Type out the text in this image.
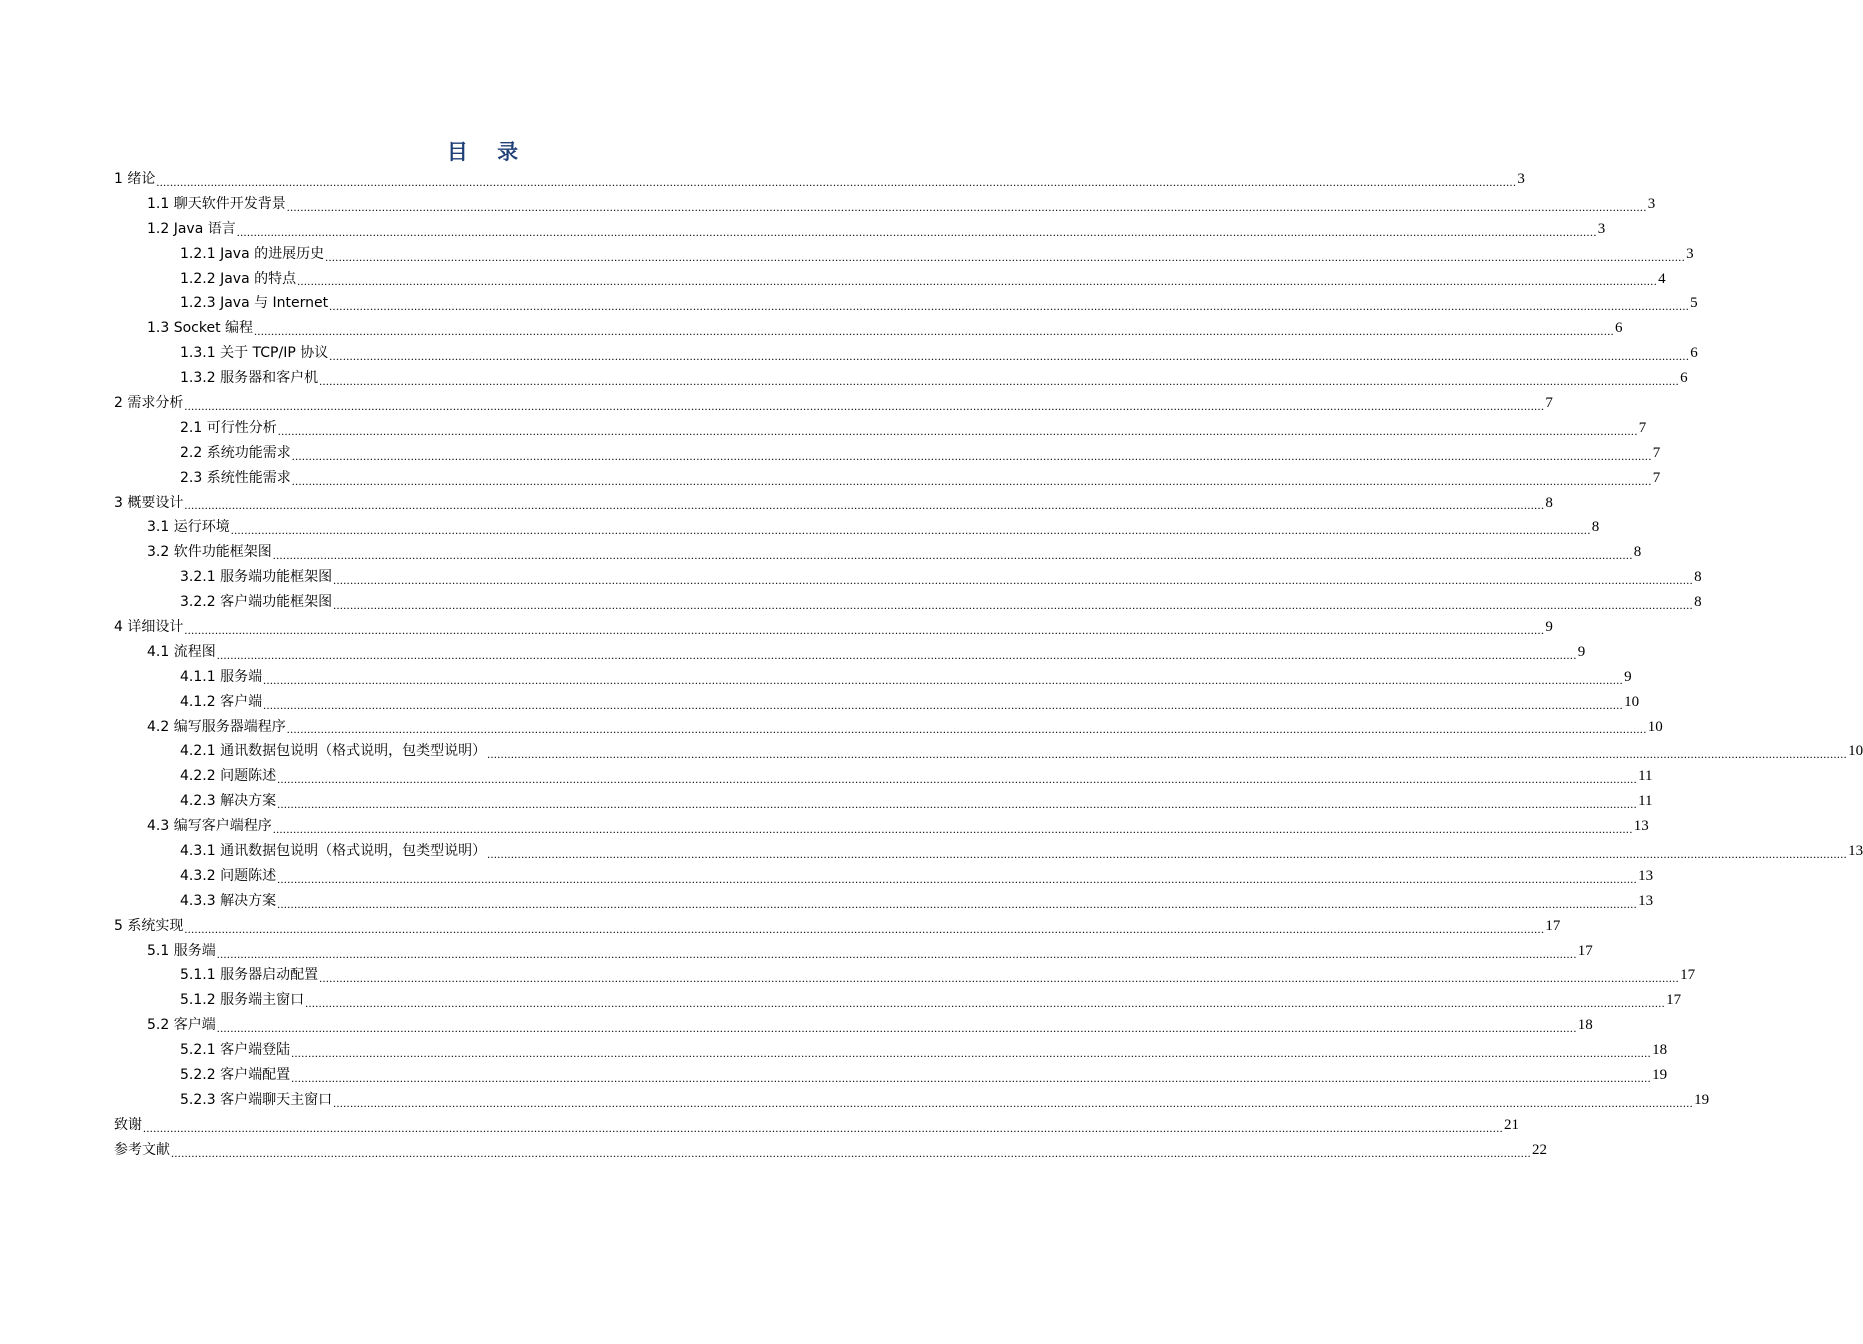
目 录
1 绪论 ................................................................................................................................................................................................................................................................................................................................................................................................................ 3
1.1 聊天软件开发背景 ................................................................................................................................................................................................................................................................................................................................................................................................................ 3
1.2 Java 语言 ................................................................................................................................................................................................................................................................................................................................................................................................................ 3
1.2.1 Java 的进展历史 ................................................................................................................................................................................................................................................................................................................................................................................................................ 3
1.2.2 Java 的特点 ................................................................................................................................................................................................................................................................................................................................................................................................................ 4
1.2.3 Java 与 Internet ................................................................................................................................................................................................................................................................................................................................................................................................................ 5
1.3 Socket 编程 ................................................................................................................................................................................................................................................................................................................................................................................................................ 6
1.3.1 关于 TCP/IP 协议 ................................................................................................................................................................................................................................................................................................................................................................................................................ 6
1.3.2 服务器和客户机 ................................................................................................................................................................................................................................................................................................................................................................................................................ 6
2 需求分析 ................................................................................................................................................................................................................................................................................................................................................................................................................ 7
2.1 可行性分析 ................................................................................................................................................................................................................................................................................................................................................................................................................ 7
2.2 系统功能需求 ................................................................................................................................................................................................................................................................................................................................................................................................................ 7
2.3 系统性能需求 ................................................................................................................................................................................................................................................................................................................................................................................................................ 7
3 概要设计 ................................................................................................................................................................................................................................................................................................................................................................................................................ 8
3.1 运行环境 ................................................................................................................................................................................................................................................................................................................................................................................................................ 8
3.2 软件功能框架图 ................................................................................................................................................................................................................................................................................................................................................................................................................ 8
3.2.1 服务端功能框架图 ................................................................................................................................................................................................................................................................................................................................................................................................................ 8
3.2.2 客户端功能框架图 ................................................................................................................................................................................................................................................................................................................................................................................................................ 8
4 详细设计 ................................................................................................................................................................................................................................................................................................................................................................................................................ 9
4.1 流程图 ................................................................................................................................................................................................................................................................................................................................................................................................................ 9
4.1.1 服务端 ................................................................................................................................................................................................................................................................................................................................................................................................................ 9
4.1.2 客户端 ................................................................................................................................................................................................................................................................................................................................................................................................................ 10
4.2 编写服务器端程序 ................................................................................................................................................................................................................................................................................................................................................................................................................ 10
4.2.1 通讯数据包说明（格式说明，包类型说明） ................................................................................................................................................................................................................................................................................................................................................................................................................ 10
4.2.2 问题陈述 ................................................................................................................................................................................................................................................................................................................................................................................................................ 11
4.2.3 解决方案 ................................................................................................................................................................................................................................................................................................................................................................................................................ 11
4.3 编写客户端程序 ................................................................................................................................................................................................................................................................................................................................................................................................................ 13
4.3.1 通讯数据包说明（格式说明，包类型说明） ................................................................................................................................................................................................................................................................................................................................................................................................................ 13
4.3.2 问题陈述 ................................................................................................................................................................................................................................................................................................................................................................................................................ 13
4.3.3 解决方案 ................................................................................................................................................................................................................................................................................................................................................................................................................ 13
5 系统实现 ................................................................................................................................................................................................................................................................................................................................................................................................................ 17
5.1 服务端 ................................................................................................................................................................................................................................................................................................................................................................................................................ 17
5.1.1 服务器启动配置 ................................................................................................................................................................................................................................................................................................................................................................................................................ 17
5.1.2 服务端主窗口 ................................................................................................................................................................................................................................................................................................................................................................................................................ 17
5.2 客户端 ................................................................................................................................................................................................................................................................................................................................................................................................................ 18
5.2.1 客户端登陆 ................................................................................................................................................................................................................................................................................................................................................................................................................ 18
5.2.2 客户端配置 ................................................................................................................................................................................................................................................................................................................................................................................................................ 19
5.2.3 客户端聊天主窗口 ................................................................................................................................................................................................................................................................................................................................................................................................................ 19
致谢 ................................................................................................................................................................................................................................................................................................................................................................................................................ 21
参考文献 ................................................................................................................................................................................................................................................................................................................................................................................................................ 22
